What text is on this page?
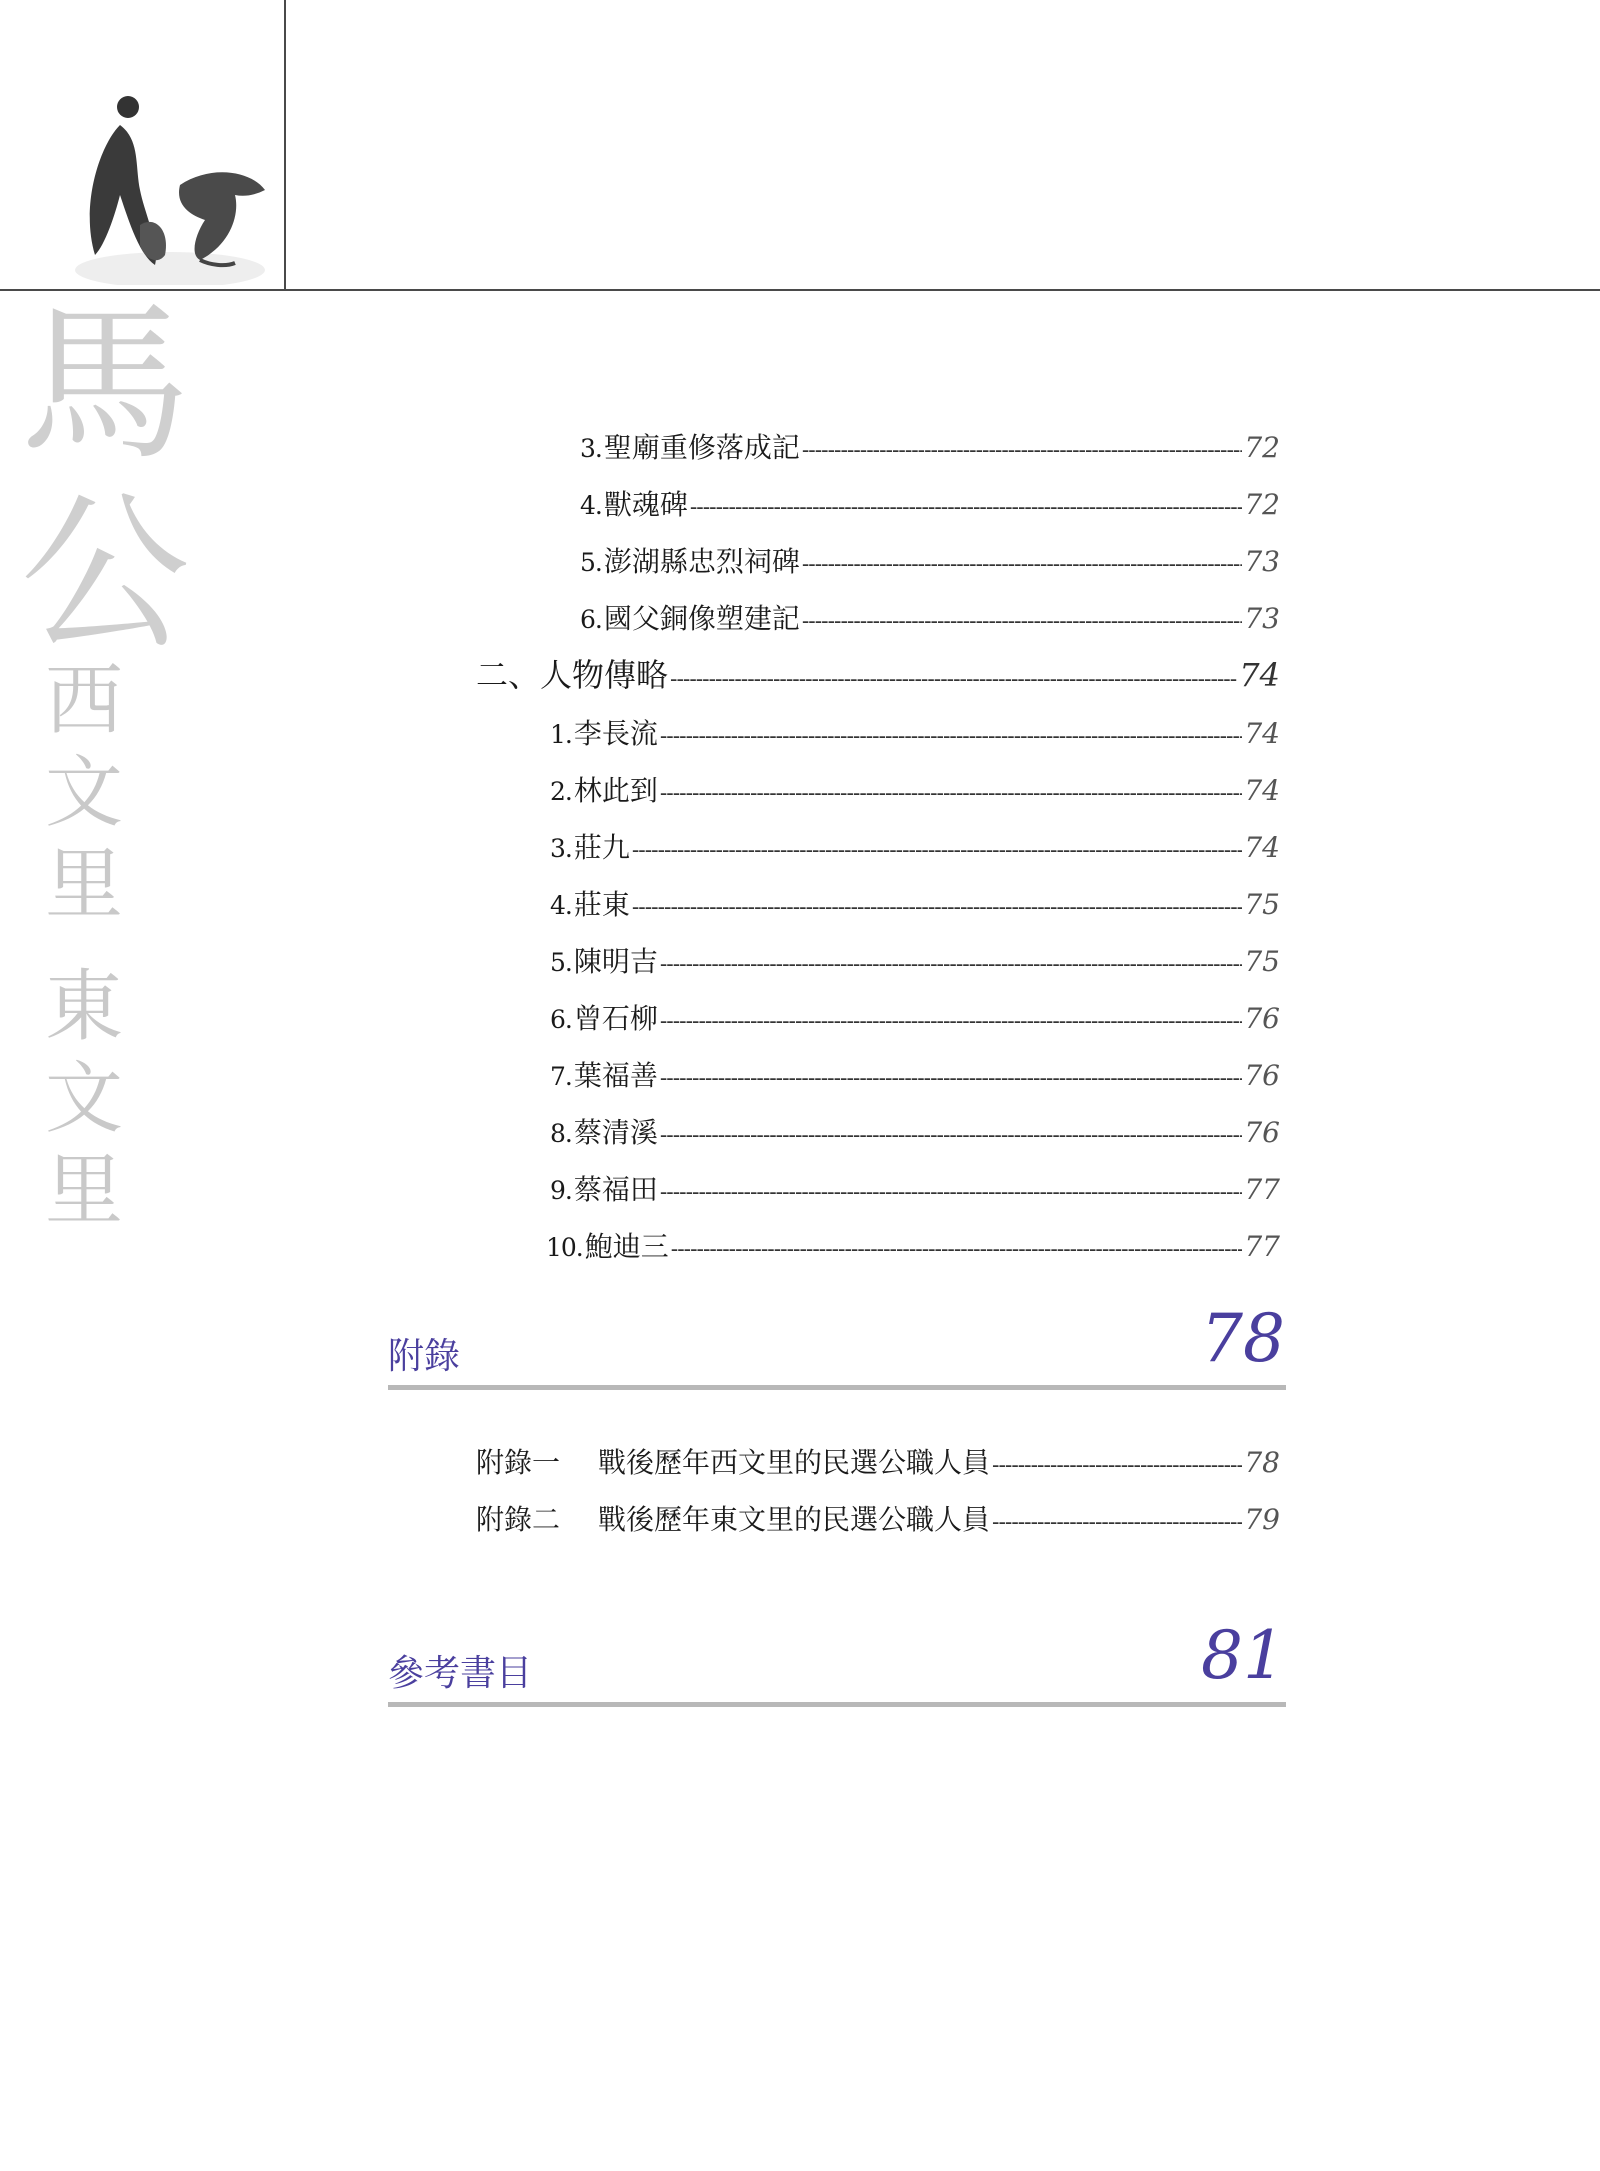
馬
公
西
文
里
東
文
里
3. 聖廟重修落成記 -----	72
4. 獸魂碑 -----	72
5. 澎湖縣忠烈祠碑 -----	73
6. 國父銅像塑建記 -----	73
二、人物傳略 -----	74
1. 李長流 -----	74
2. 林此到 -----	74
3. 莊九 -----	74
4. 莊東 -----	75
5. 陳明吉 -----	75
6. 曾石柳 -----	76
7. 葉福善 -----	76
8. 蔡清溪 -----	76
9. 蔡福田 -----	77
10. 鮑迪三 -----	77
附錄	78
附錄一	戰後歷年西文里的民選公職人員 -----	78
附錄二	戰後歷年東文里的民選公職人員 -----	79
參考書目	81
